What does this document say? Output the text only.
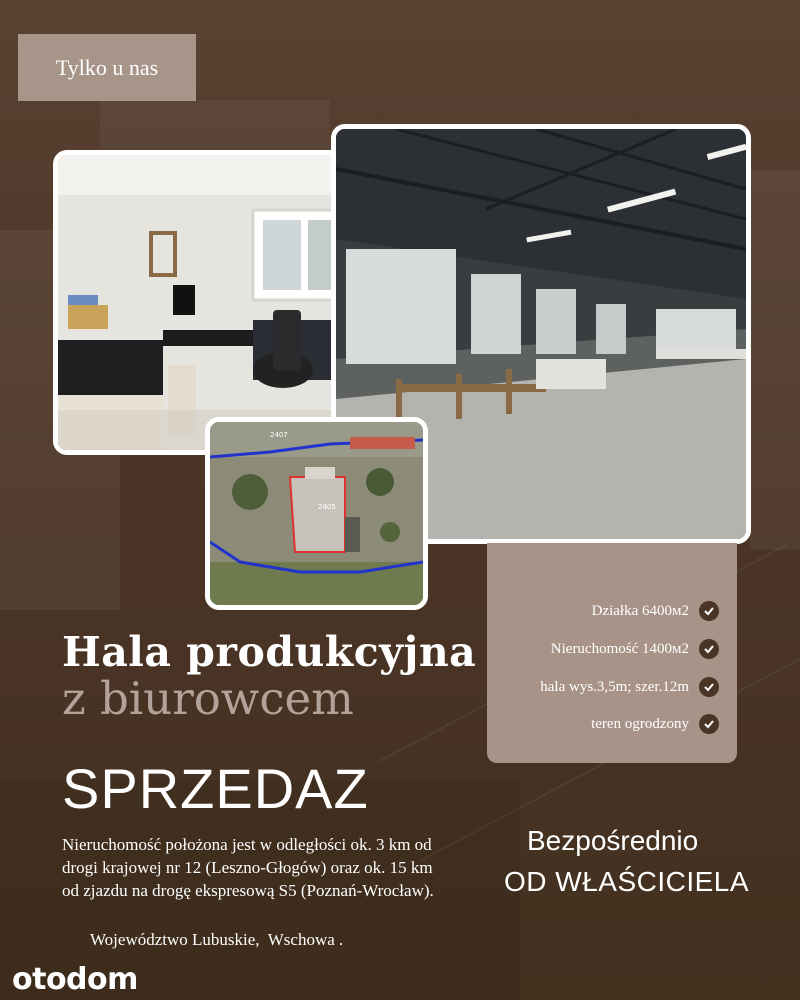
Tylko u nas
2407
2405
Działka 6400м2
Nieruchomość 1400м2
hala wys.3,5m; szer.12m
teren ogrodzony
Hala produkcyjna
z biurowcem
SPRZEDAZ
Nieruchomość położona jest w odległości ok. 3 km od drogi krajowej nr 12 (Leszno-Głogów) oraz ok. 15 km od zjazdu na drogę ekspresową S5 (Poznań-Wrocław).
Województwo Lubuskie,  Wschowa .
Bezpośrednio
OD WŁAŚCICIELA
otodom
